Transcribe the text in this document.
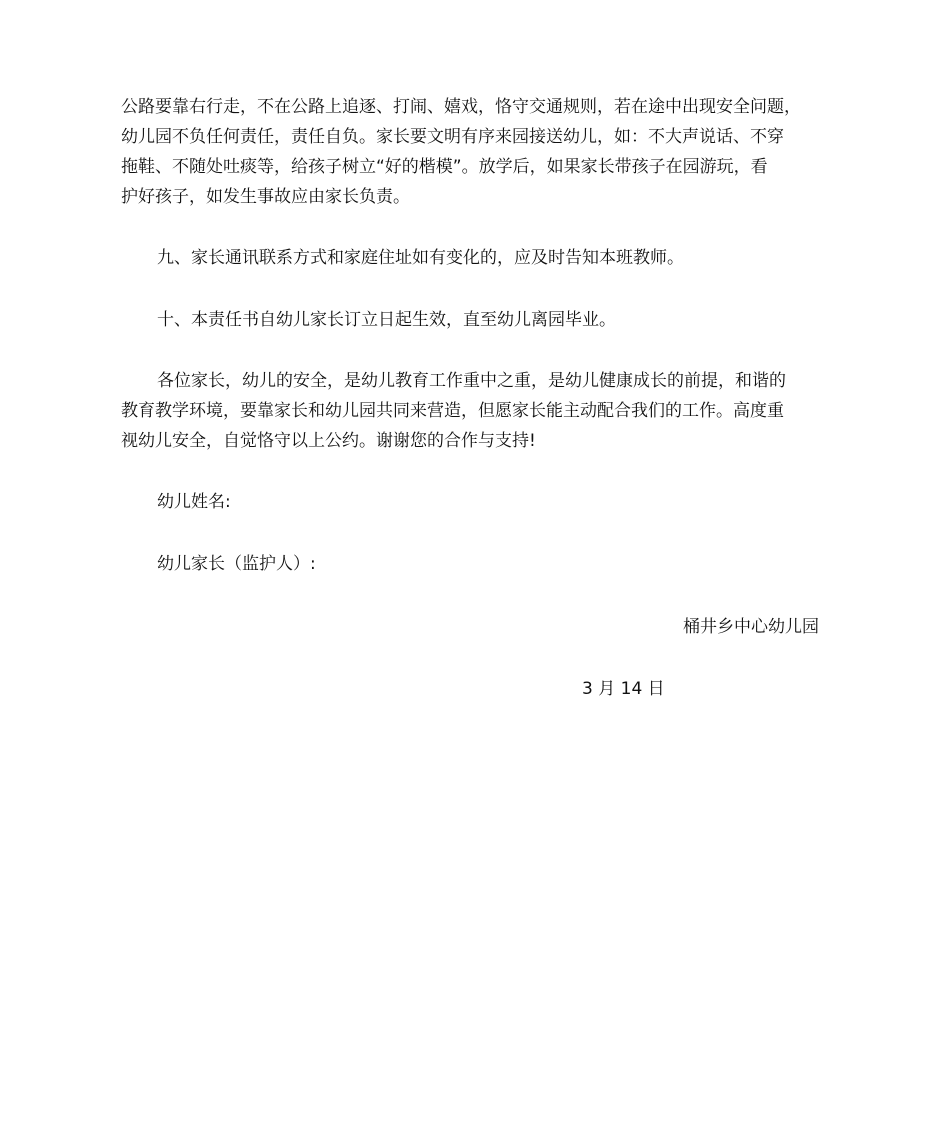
公路要靠右行走，不在公路上追逐、打闹、嬉戏，恪守交通规则，若在途中出现安全问题，
幼儿园不负任何责任，责任自负。家长要文明有序来园接送幼儿，如：不大声说话、不穿
拖鞋、不随处吐痰等，给孩子树立“好的楷模”。放学后，如果家长带孩子在园游玩，看
护好孩子，如发生事故应由家长负责。
九、家长通讯联系方式和家庭住址如有变化的，应及时告知本班教师。
十、本责任书自幼儿家长订立日起生效，直至幼儿离园毕业。
各位家长，幼儿的安全，是幼儿教育工作重中之重，是幼儿健康成长的前提，和谐的
教育教学环境，要靠家长和幼儿园共同来营造，但愿家长能主动配合我们的工作。高度重
视幼儿安全，自觉恪守以上公约。谢谢您的合作与支持!
幼儿姓名:
幼儿家长（监护人）:
桶井乡中心幼儿园
3 月 14 日
